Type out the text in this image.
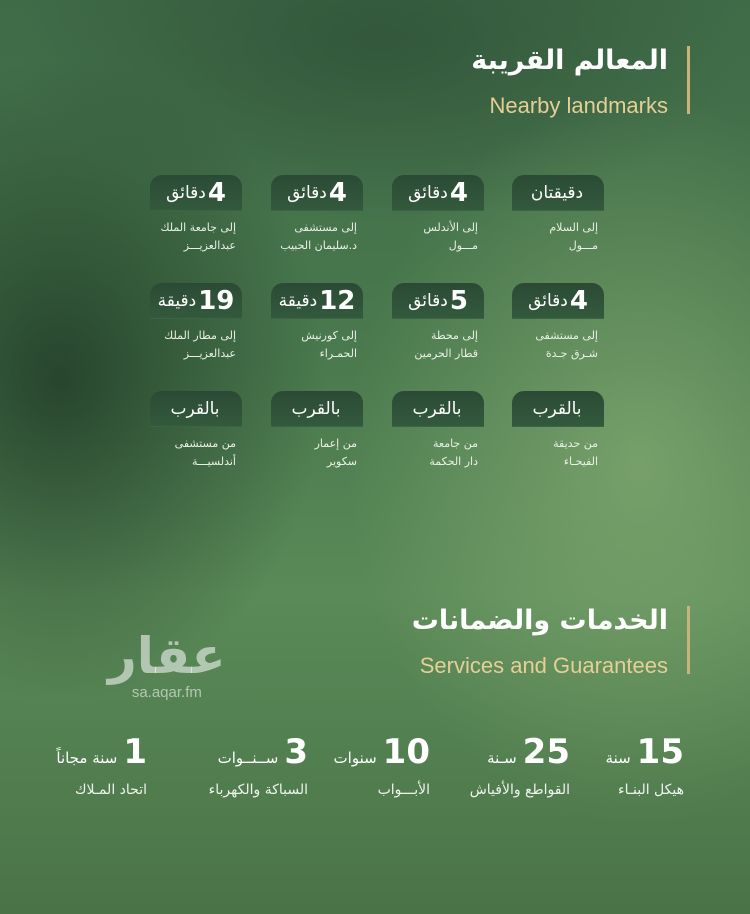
المعالم القريبة
Nearby landmarks
دقيقتان
إلى السلام
مـــول
4
دقائق
إلى الأندلس
مـــول
4
دقائق
إلى مستشفى
د.سليمان الحبيب
4
دقائق
إلى جامعة الملك
عبدالعزيـــز
4
دقائق
إلى مستشفى
شـرق جـدة
5
دقائق
إلى محطة
قطار الحرمين
12
دقيقة
إلى كورنيش
الحمـراء
19
دقيقة
إلى مطار الملك
عبدالعزيـــز
بالقرب
من حديقة
الفيحـاء
بالقرب
من جامعة
دار الحكمة
بالقرب
من إعمار
سكوير
بالقرب
من مستشفى
أندلسيـــة
الخدمات والضمانات
Services and Guarantees
عقار
sa.aqar.fm
15سنة
هيكل البنـاء
25سـنة
القواطع والأفياش
10سنوات
الأبـــواب
3ســنــوات
السباكة والكهرباء
1سنة مجاناً
اتحاد المـلاك
